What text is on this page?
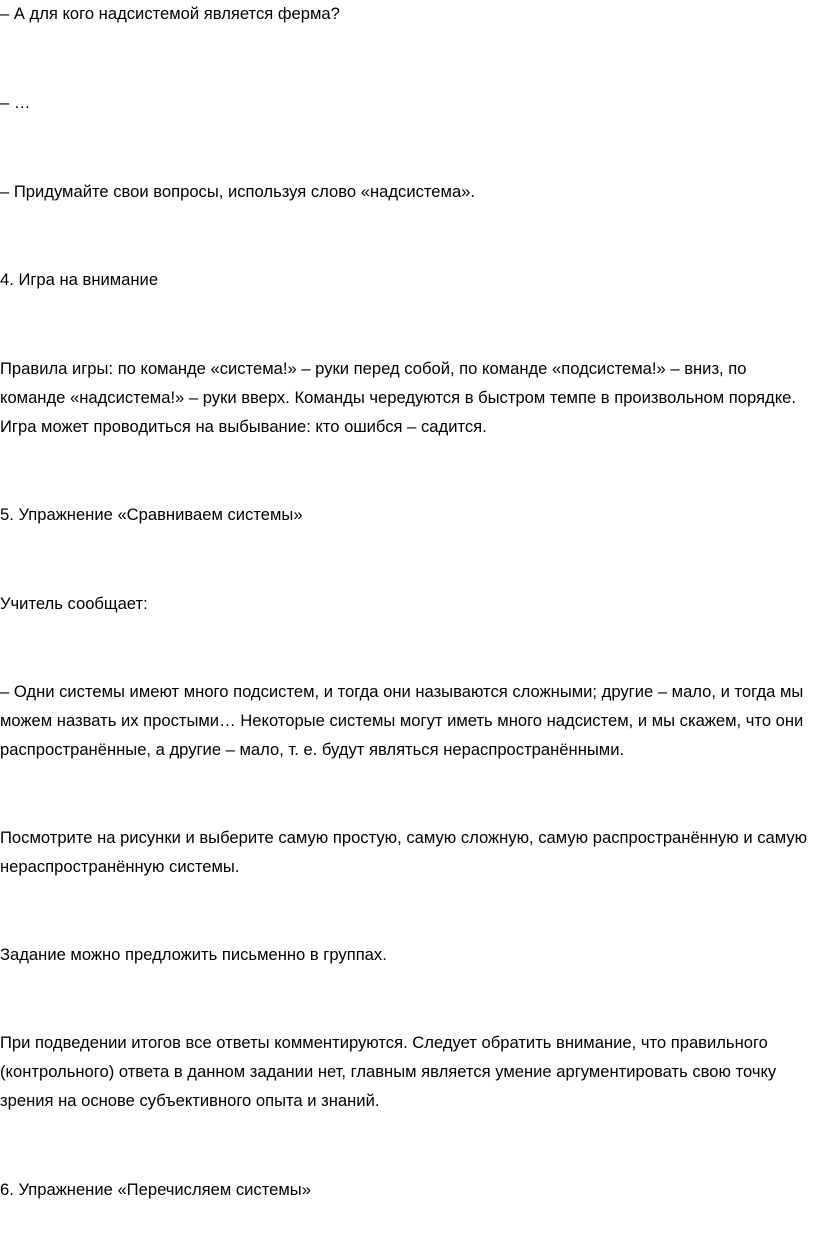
– А для кого надсистемой является ферма?

– …

– Придумайте свои вопросы, используя слово «надсистема».

4. Игра на внимание

Правила игры: по команде «система!» – руки перед собой, по команде «подсистема!» – вниз, по команде «надсистема!» – руки вверх. Команды чередуются в быстром темпе в произвольном порядке. Игра может проводиться на выбывание: кто ошибся – садится.

5. Упражнение «Сравниваем системы»

Учитель сообщает:

– Одни системы имеют много подсистем, и тогда они называются сложными; другие – мало, и тогда мы можем назвать их простыми… Некоторые системы могут иметь много надсистем, и мы скажем, что они распространённые, а другие – мало, т. е. будут являться нераспространёнными.

Посмотрите на рисунки и выберите самую простую, самую сложную, самую распространённую и самую нераспространённую системы.

Задание можно предложить письменно в группах.

При подведении итогов все ответы комментируются. Следует обратить внимание, что правильного (контрольного) ответа в данном задании нет, главным является умение аргументировать свою точку зрения на основе субъективного опыта и знаний.

6. Упражнение «Перечисляем системы»
